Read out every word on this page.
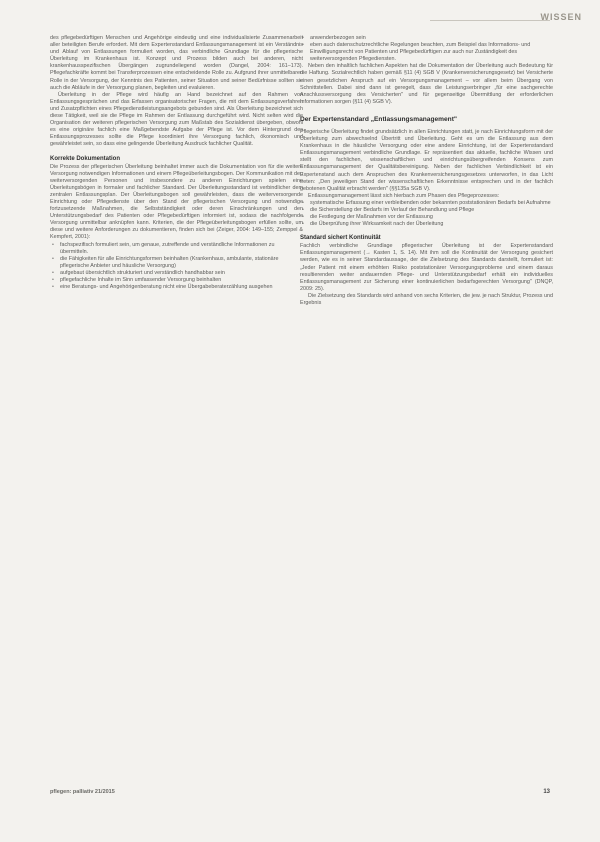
WISSEN

des pflegebedürftigen Menschen und Angehörige eindeutig und eine individualisierte Zusammenarbeit aller beteiligten Berufe erfordert. Mit dem Expertenstandard Entlassungsmanagement ist ein Verständnis und Ablauf von Entlassungen formuliert worden, das verbindliche Grundlage für die pflegerische Überleitung im Krankenhaus ist. Konzept und Prozess bilden auch bei anderen, nicht krankenhausspezifischen Übergängen zugrundeliegend worden (Dangel, 2004: 161–173). Pflegefachkräfte kommt bei Transferprozessen eine entscheidende Rolle zu. Aufgrund ihrer unmittelbaren Rolle in der Versorgung, der Kenntnis des Patienten, seiner Situation und seiner Bedürfnisse sollten sie auch die Abläufe in der Versorgung planen, begleiten und evaluieren.

Überleitung in der Pflege wird häufig an Hand bezeichnet auf den Rahmen von Entlassungsgesprächen und das Erfassen organisatorischer Fragen, die mit dem Entlassungsverfahren und Zusatzpflichten eines Pflegedienstleistungsangebots gebunden sind. Als Überleitung bezeichnet sich diese Tätigkeit, weil sie die Pflege im Rahmen der Entlassung durchgeführt wird. Nicht selten wird die Organisation der weiteren pflegerischen Versorgung zum Maßstab des Sozialdienst übergeben, obwohl es eine originäre fachlich eine Maßgebendste Aufgabe der Pflege ist. Vor dem Hintergrund des Entlassungsprozesses sollte die Pflege koordiniert ihre Versorgung fachlich, ökonomisch und gewährleistet sein, so dass eine gelingende Überleitung Ausdruck fachlicher Qualität.

Korrekte Dokumentation

Die Prozess der pflegerischen Überleitung beinhaltet immer auch die Dokumentation von für die weitere Versorgung notwendigen Informationen und einem Pflegeüberleitungsbogen. Der Kommunikation mit den weiterversorgenden Personen und insbesondere zu anderen Einrichtungen spielen eine Überleitungsbögen in formaler und fachlicher Standard. Der Überleitungsstandard ist verbindlicher dem zentralen Entlassungsplan. Der Überleitungsbogen soll gewährleisten, dass die weiterversorgende Einrichtung oder Pflegedienste über den Stand der pflegerischen Versorgung und notwendige fortzusetzende Maßnahmen, die Selbstständigkeit oder deren Einschränkungen und den Unterstützungsbedarf des Patienten oder Pflegebedürftigen informiert ist, sodass die nachfolgende Versorgung unmittelbar anknüpfen kann. Kriterien, die der Pflegeüberleitungsbogen erfüllen sollte, um diese und weitere Anforderungen zu dokumentieren, finden sich bei (Zeiger, 2004: 149–155; Zemppel & Kempfert, 2001):

• fachspezifisch formuliert sein, um genaue, zutreffende und verständliche Informationen zu übermitteln.
• die Fähigkeiten für alle Einrichtungsformen beinhalten (Krankenhaus, ambulante, stationäre pflegerische Anbieter und häusliche Versorgung)
• aufgebaut übersichtlich strukturiert und verständlich handhabbar sein
• pflegefachliche Inhalte im Sinn umfassender Versorgung beinhalten
• eine Beratungs- und Angehörigenberatung nicht eine Übergabeberaterzählung ausgehen
• anwenderbezogen sein
• eben auch datenschutzrechtliche Regelungen beachten, zum Beispiel das Informations- und Einwilligungsrecht von Patienten und Pflegebedürftigen zur auch nur Zuständigkeit des weiterversorgenden Pflegediensten.

Neben den inhaltlich fachlichen Aspekten hat die Dokumentation der Überleitung auch Bedeutung für die Haftung. Sozialrechtlich haben gemäß §11 (4) SGB V (Krankenversicherungsgesetz) bei Versicherte einen gesetzlichen Anspruch auf ein Versorgungsmanagement – vor allem beim Übergang von Schnittstellen. Dabei sind dann ist geregelt, dass die Leistungserbringer „für eine sachgerechte Anschlussversorgung des Versicherten" und für gegenseitige Übermittlung der erforderlichen Informationen sorgen (§11 (4) SGB V).

Der Expertenstandard „Entlassungsmanagement"

Pflegerische Überleitung findet grundsätzlich in allen Einrichtungen statt, je nach Einrichtungsform mit der Überleitung zum abwechselnd Übertritt und Überleitung. Geht es um die Entlassung aus dem Krankenhaus in die häusliche Versorgung oder eine andere Einrichtung, ist der Expertenstandard Entlassungsmanagement verbindliche Grundlage. Er repräsentiert das aktuelle, fachliche Wissen und stellt den fachlichen, wissenschaftlichen und einrichtungsübergreifenden Konsens zum Entlassungsmanagement der Qualitätsbereinigung. Neben der fachlichen Verbindlichkeit ist ein Expertenstand auch dem Anspruchen des Krankenversicherungsgesetzes unterworfen, in das Licht treten: „Den jeweiligen Stand der wissenschaftlichen Erkenntnisse entsprechen und in der fachlich gebotenen Qualität erbracht werden" (§§135a SGB V).

Entlassungsmanagement lässt sich hierbach zum Phasen des Pflegeprozesses:

• systematische Erfassung einer verbleibenden oder bekannten poststationären Bedarfs bei Aufnahme
• die Sicherstellung der Bedarfs im Verlauf der Behandlung und Pflege
• die Festlegung der Maßnahmen vor der Entlassung
• die Überprüfung ihrer Wirksamkeit nach der Überleitung
Standard sichert Kontinuität

Fachlich verbindliche Grundlage pflegerischer Überleitung ist der Expertenstandard Entlassungsmanagement (→ Kasten 1, S. 14). Mit ihm soll die Kontinuität der Versorgung gesichert werden, wie es in seiner Standardaussage, der die Zielsetzung des Standards darstellt, formuliert ist: „Jeder Patient mit einem erhöhten Risiko poststationärer Versorgungsprobleme und einem daraus resultierenden weiter andauernden Pflege- und Unterstützungsbedarf erhält ein individuelles Entlassungsmanagement zur Sicherung einer kontinuierlichen bedarfsgerechten Versorgung" (DNQP, 2009: 25).

Die Zielsetzung des Standards wird anhand von sechs Kriterien, die jew. je nach Struktur, Prozess und Ergebnis

pflegen: palliativ 21/2015	13
